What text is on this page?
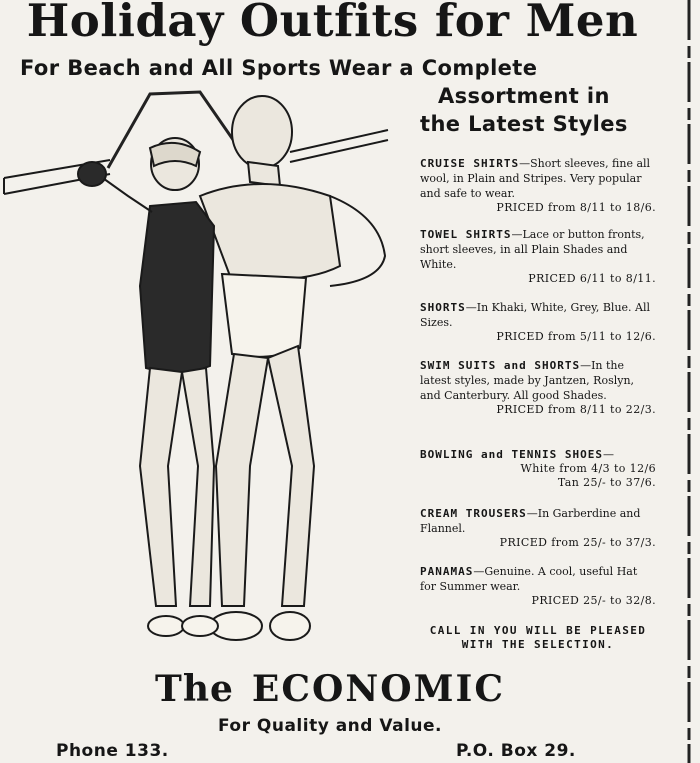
Holiday Outfits for Men
For Beach and All Sports Wear a Complete
Assortment in
the Latest Styles
CRUISE SHIRTS—Short sleeves, fine all wool, in Plain and Stripes. Very popular and safe to wear.
PRICED from 8/11 to 18/6.
TOWEL SHIRTS—Lace or button fronts, short sleeves, in all Plain Shades and White.
PRICED 6/11 to 8/11.
SHORTS—In Khaki, White, Grey, Blue. All Sizes.
PRICED from 5/11 to 12/6.
SWIM SUITS and SHORTS—In the latest styles, made by Jantzen, Roslyn, and Canterbury. All good Shades.
PRICED from 8/11 to 22/3.
BOWLING and TENNIS SHOES—
White from 4/3 to 12/6
Tan 25/- to 37/6.
CREAM TROUSERS—In Garberdine and Flannel.
PRICED from 25/- to 37/3.
PANAMAS—Genuine. A cool, useful Hat for Summer wear.
PRICED 25/- to 32/8.
CALL IN YOU WILL BE PLEASED WITH THE SELECTION.
The ECONOMIC
For Quality and Value.
Phone 133.	P.O. Box 29.
